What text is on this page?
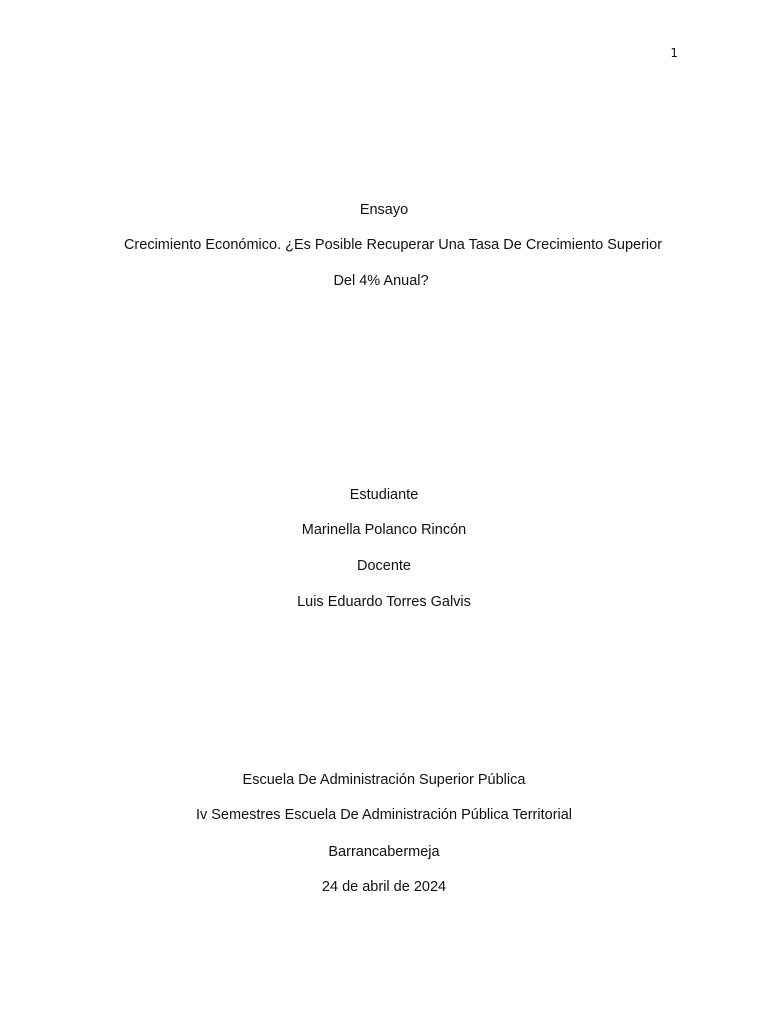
1
Ensayo
Crecimiento Económico. ¿Es Posible Recuperar Una Tasa De Crecimiento Superior
Del 4% Anual?
Estudiante
Marinella Polanco Rincón
Docente
Luis Eduardo Torres Galvis
Escuela De Administración Superior Pública
Iv Semestres Escuela De Administración Pública Territorial
Barrancabermeja
24 de abril de 2024
